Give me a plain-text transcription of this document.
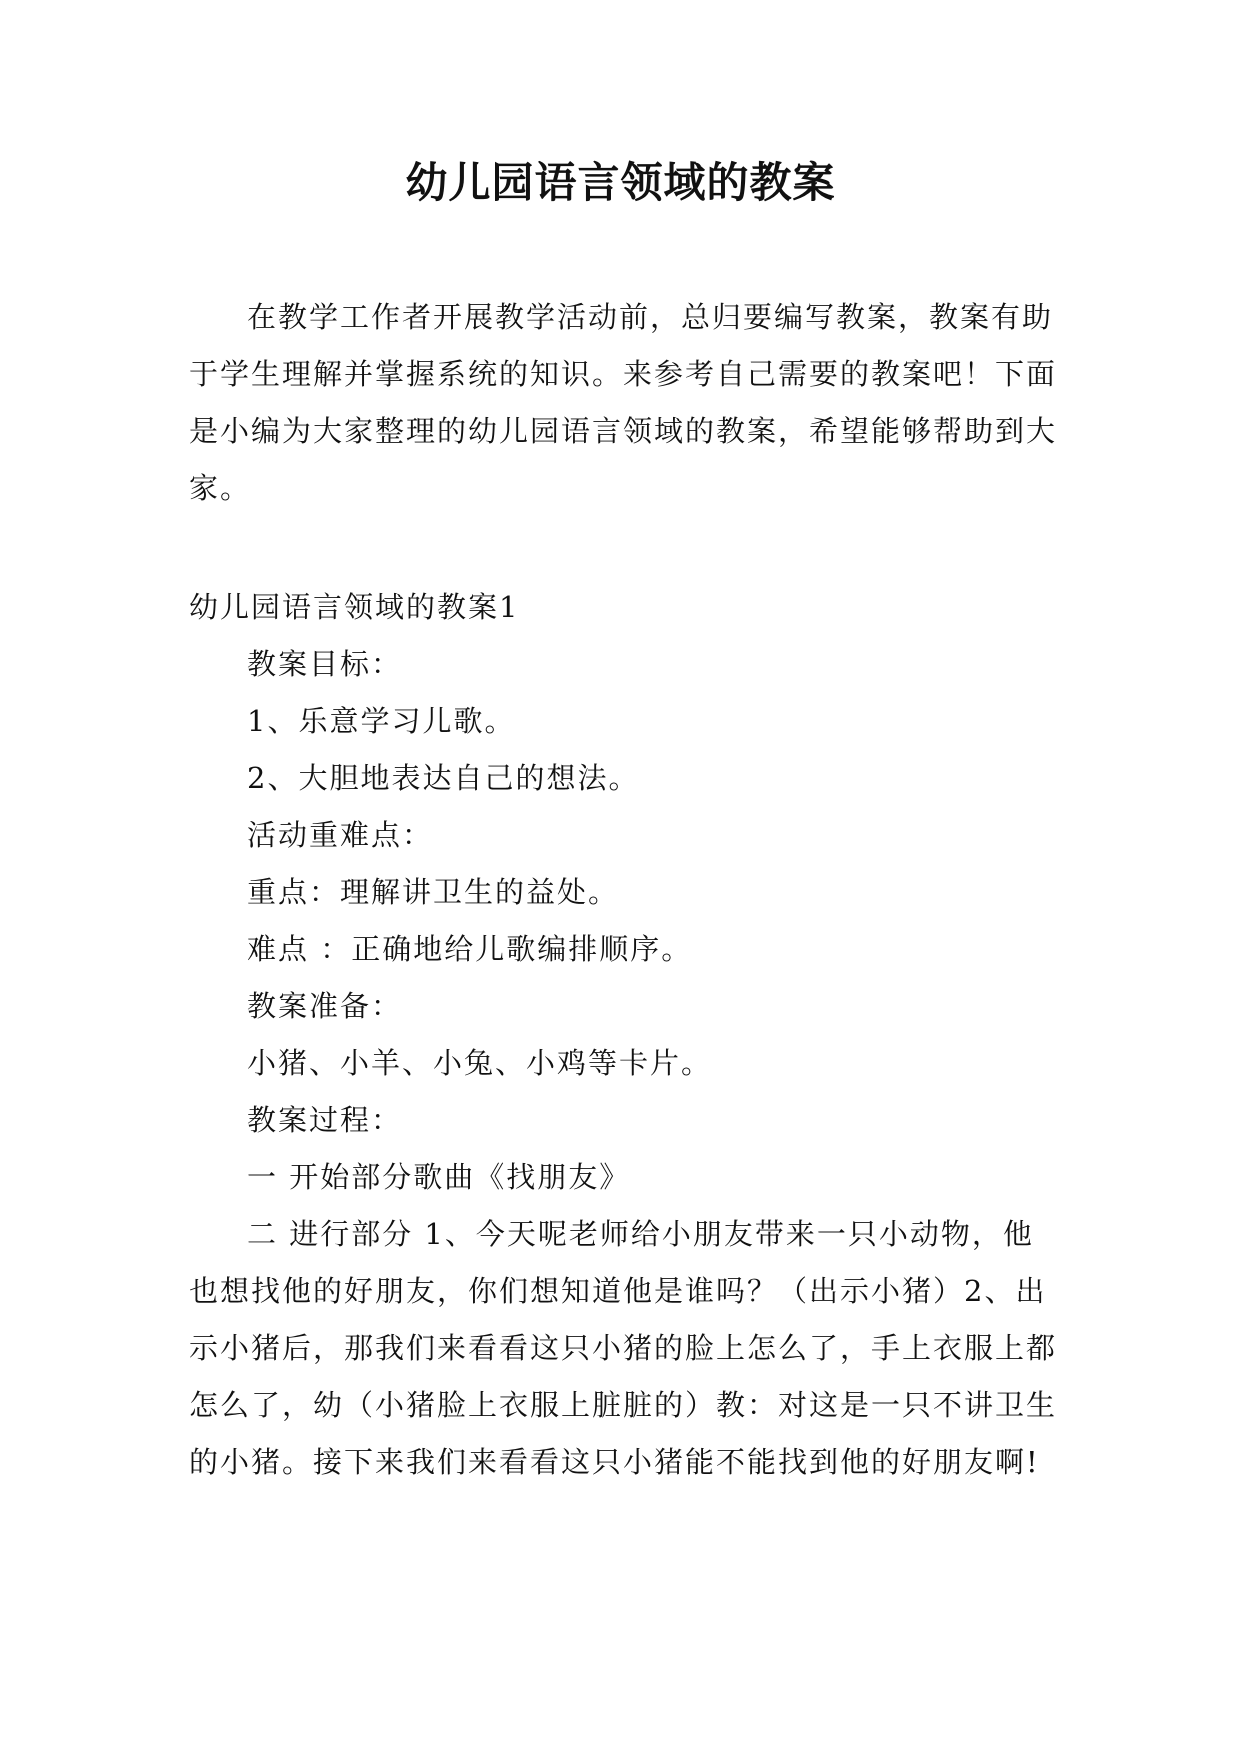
幼儿园语言领域的教案

在教学工作者开展教学活动前，总归要编写教案，教案有助于学生理解并掌握系统的知识。来参考自己需要的教案吧！下面是小编为大家整理的幼儿园语言领域的教案，希望能够帮助到大家。

幼儿园语言领域的教案1

教案目标：

1、乐意学习儿歌。

2、大胆地表达自己的想法。

活动重难点：

重点：理解讲卫生的益处。

难点 ：正确地给儿歌编排顺序。

教案准备：

小猪、小羊、小兔、小鸡等卡片。

教案过程：

一 开始部分歌曲《找朋友》

二 进行部分 1、今天呢老师给小朋友带来一只小动物，他也想找他的好朋友，你们想知道他是谁吗？（出示小猪）2、出示小猪后，那我们来看看这只小猪的脸上怎么了，手上衣服上都怎么了，幼（小猪脸上衣服上脏脏的）教：对这是一只不讲卫生的小猪。接下来我们来看看这只小猪能不能找到他的好朋友啊!
